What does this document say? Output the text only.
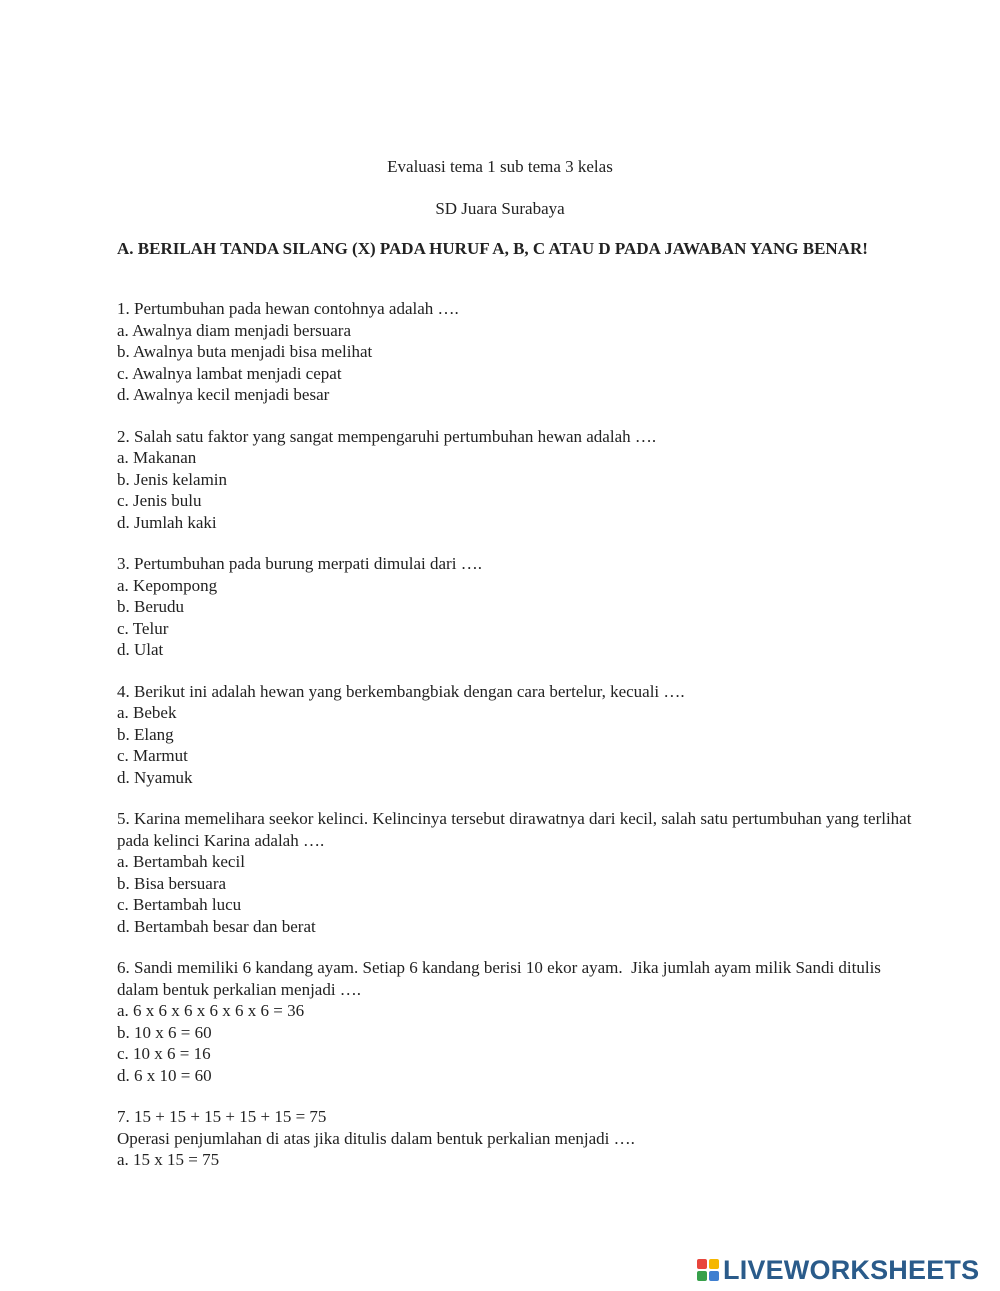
Evaluasi tema 1 sub tema 3 kelas
SD Juara Surabaya
A. BERILAH TANDA SILANG (X) PADA HURUF A, B, C ATAU D PADA JAWABAN YANG BENAR!
1. Pertumbuhan pada hewan contohnya adalah ….
a. Awalnya diam menjadi bersuara
b. Awalnya buta menjadi bisa melihat
c. Awalnya lambat menjadi cepat
d. Awalnya kecil menjadi besar
2. Salah satu faktor yang sangat mempengaruhi pertumbuhan hewan adalah ….
a. Makanan
b. Jenis kelamin
c. Jenis bulu
d. Jumlah kaki
3. Pertumbuhan pada burung merpati dimulai dari ….
a. Kepompong
b. Berudu
c. Telur
d. Ulat
4. Berikut ini adalah hewan yang berkembangbiak dengan cara bertelur, kecuali ….
a. Bebek
b. Elang
c. Marmut
d. Nyamuk
5. Karina memelihara seekor kelinci. Kelincinya tersebut dirawatnya dari kecil, salah satu pertumbuhan yang terlihat pada kelinci Karina adalah ….
a. Bertambah kecil
b. Bisa bersuara
c. Bertambah lucu
d. Bertambah besar dan berat
6. Sandi memiliki 6 kandang ayam. Setiap 6 kandang berisi 10 ekor ayam.  Jika jumlah ayam milik Sandi ditulis dalam bentuk perkalian menjadi ….
a. 6 x 6 x 6 x 6 x 6 x 6 = 36
b. 10 x 6 = 60
c. 10 x 6 = 16
d. 6 x 10 = 60
7. 15 + 15 + 15 + 15 + 15 = 75
Operasi penjumlahan di atas jika ditulis dalam bentuk perkalian menjadi ….
a. 15 x 15 = 75
LIVEWORKSHEETS
